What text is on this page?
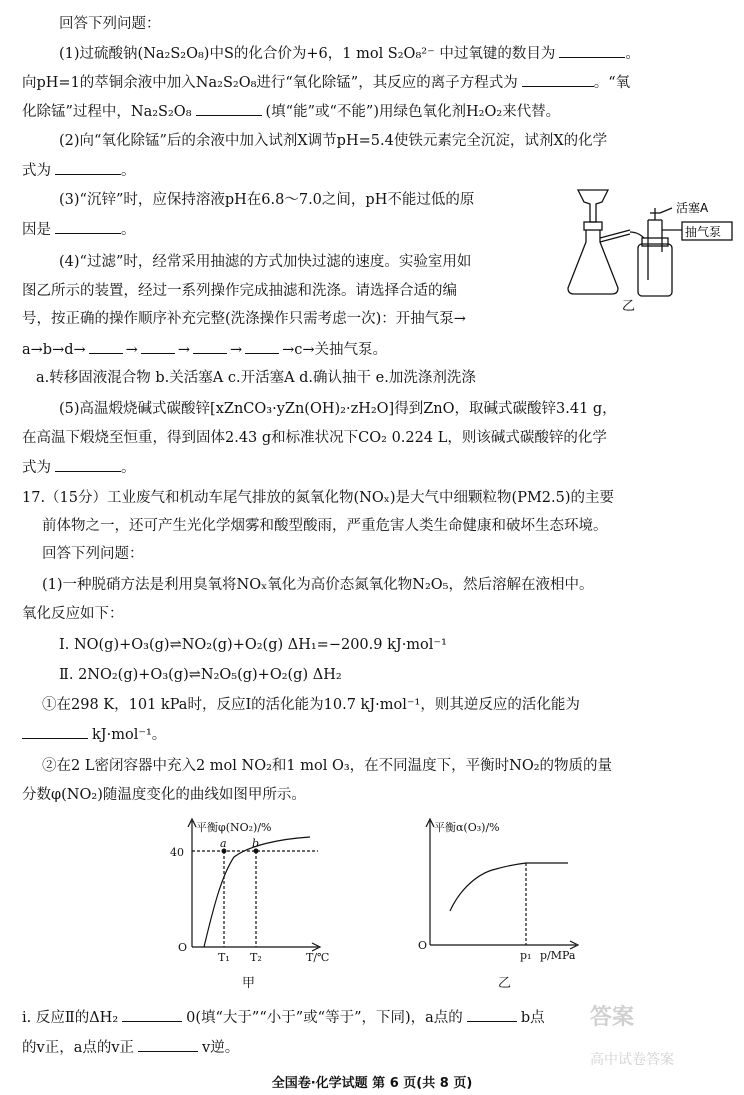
回答下列问题：
(1)过硫酸钠(Na₂S₂O₈)中S的化合价为+6，1 mol S₂O₈²⁻ 中过氧键的数目为	。
向pH=1的萃铜余液中加入Na₂S₂O₈进行“氧化除锰”，其反应的离子方程式为	。“氧
化除锰”过程中，Na₂S₂O₈	(填“能”或“不能”)用绿色氧化剂H₂O₂来代替。
(2)向“氧化除锰”后的余液中加入试剂X调节pH=5.4使铁元素完全沉淀，试剂X的化学
式为	。
(3)“沉锌”时，应保持溶液pH在6.8～7.0之间，pH不能过低的原
因是	。
(4)“过滤”时，经常采用抽滤的方式加快过滤的速度。实验室用如
图乙所示的装置，经过一系列操作完成抽滤和洗涤。请选择合适的编
号，按正确的操作顺序补充完整(洗涤操作只需考虑一次)：开抽气泵→
a→b→d→	→	→	→	→c→关抽气泵。
a.转移固液混合物 b.关活塞A c.开活塞A d.确认抽干 e.加洗涤剂洗涤
(5)高温煅烧碱式碳酸锌[xZnCO₃·yZn(OH)₂·zH₂O]得到ZnO，取碱式碳酸锌3.41 g，
在高温下煅烧至恒重，得到固体2.43 g和标准状况下CO₂ 0.224 L，则该碱式碳酸锌的化学
式为	。
17.（15分）工业废气和机动车尾气排放的氮氧化物(NOₓ)是大气中细颗粒物(PM2.5)的主要
前体物之一，还可产生光化学烟雾和酸型酸雨，严重危害人类生命健康和破坏生态环境。
回答下列问题：
(1)一种脱硝方法是利用臭氧将NOₓ氧化为高价态氮氧化物N₂O₅，然后溶解在液相中。
氧化反应如下：
Ⅰ. NO(g)+O₃(g)⇌NO₂(g)+O₂(g) ΔH₁=−200.9 kJ·mol⁻¹
Ⅱ. 2NO₂(g)+O₃(g)⇌N₂O₅(g)+O₂(g) ΔH₂
①在298 K，101 kPa时，反应Ⅰ的活化能为10.7 kJ·mol⁻¹，则其逆反应的活化能为
kJ·mol⁻¹。
②在2 L密闭容器中充入2 mol NO₂和1 mol O₃，在不同温度下，平衡时NO₂的物质的量
分数φ(NO₂)随温度变化的曲线如图甲所示。
ⅰ. 反应Ⅱ的ΔH₂	0(填“大于”“小于”或“等于”，下同)，a点的	b点
的v正，a点的v正	v逆。
活塞A
抽气泵
乙
平衡φ(NO₂)/%
40
O
T₁ T₂	T/℃
a b
甲
平衡α(O₃)/%
O
p₁ p/MPa
乙
答案
高中试卷答案
全国卷·化学试题 第 6 页(共 8 页)
